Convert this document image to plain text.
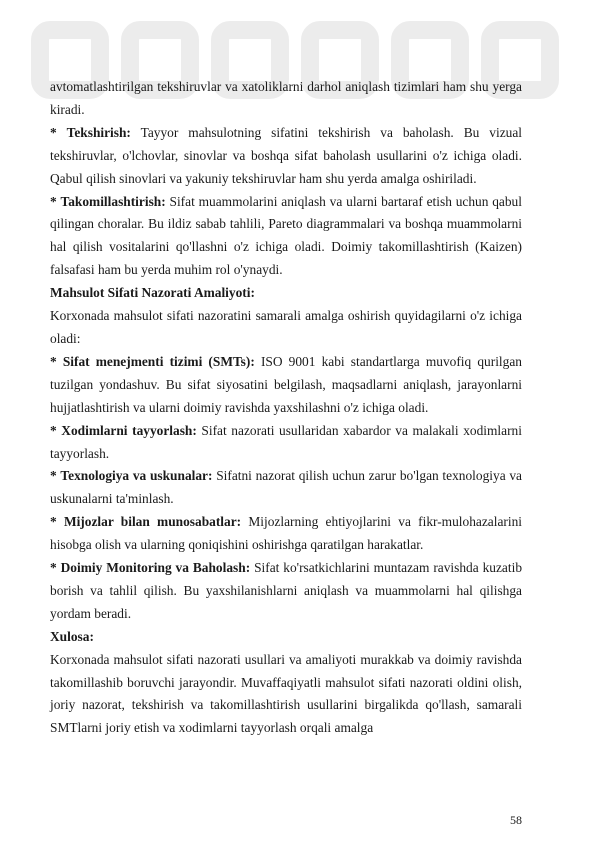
avtomatlashtirilgan tekshiruvlar va xatoliklarni darhol aniqlash tizimlari ham shu yerga kiradi.

* Tekshirish: Tayyor mahsulotning sifatini tekshirish va baholash. Bu vizual tekshiruvlar, o'lchovlar, sinovlar va boshqa sifat baholash usullarini o'z ichiga oladi. Qabul qilish sinovlari va yakuniy tekshiruvlar ham shu yerda amalga oshiriladi.

* Takomillashtirish: Sifat muammolarini aniqlash va ularni bartaraf etish uchun qabul qilingan choralar. Bu ildiz sabab tahlili, Pareto diagrammalari va boshqa muammolarni hal qilish vositalarini qo'llashni o'z ichiga oladi. Doimiy takomillashtirish (Kaizen) falsafasi ham bu yerda muhim rol o'ynaydi.

Mahsulot Sifati Nazorati Amaliyoti:

Korxonada mahsulot sifati nazoratini samarali amalga oshirish quyidagilarni o'z ichiga oladi:

* Sifat menejmenti tizimi (SMTs): ISO 9001 kabi standartlarga muvofiq qurilgan tuzilgan yondashuv. Bu sifat siyosatini belgilash, maqsadlarni aniqlash, jarayonlarni hujjatlashtirish va ularni doimiy ravishda yaxshilashni o'z ichiga oladi.

* Xodimlarni tayyorlash: Sifat nazorati usullaridan xabardor va malakali xodimlarni tayyorlash.

* Texnologiya va uskunalar: Sifatni nazorat qilish uchun zarur bo'lgan texnologiya va uskunalarni ta'minlash.

* Mijozlar bilan munosabatlar: Mijozlarning ehtiyojlarini va fikr-mulohazalarini hisobga olish va ularning qoniqishini oshirishga qaratilgan harakatlar.

* Doimiy Monitoring va Baholash: Sifat ko'rsatkichlarini muntazam ravishda kuzatib borish va tahlil qilish. Bu yaxshilanishlarni aniqlash va muammolarni hal qilishga yordam beradi.

Xulosa:

Korxonada mahsulot sifati nazorati usullari va amaliyoti murakkab va doimiy ravishda takomillashib boruvchi jarayondir. Muvaffaqiyatli mahsulot sifati nazorati oldini olish, joriy nazorat, tekshirish va takomillashtirish usullarini birgalikda qo'llash, samarali SMTlarni joriy etish va xodimlarni tayyorlash orqali amalga

58
